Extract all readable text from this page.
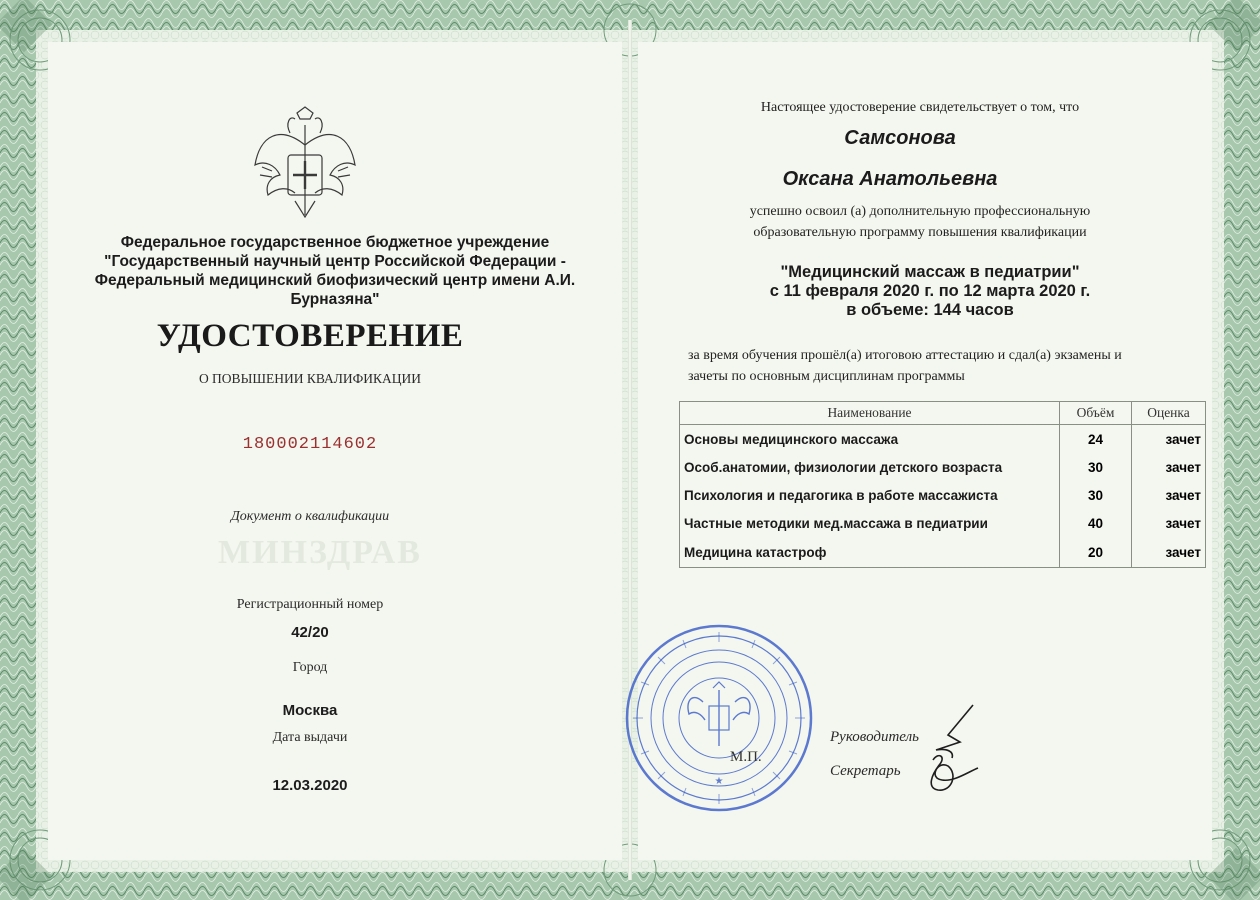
Федеральное государственное бюджетное учреждение "Государственный научный центр Российской Федерации - Федеральный медицинский биофизический центр имени А.И. Бурназяна"
УДОСТОВЕРЕНИЕ
О ПОВЫШЕНИИ КВАЛИФИКАЦИИ
180002114602
Документ о квалификации
МИНЗДРАВ
Регистрационный номер
42/20
Город
Москва
Дата выдачи
12.03.2020
Настоящее удостоверение свидетельствует о том, что
Самсонова
Оксана Анатольевна
успешно освоил (а) дополнительную профессиональную
образовательную программу повышения квалификации
"Медицинский массаж в педиатрии"
с 11 февраля 2020 г. по 12 марта 2020 г.
в объеме: 144 часов
за время обучения прошёл(а) итоговою аттестацию и сдал(а) экзамены и
зачеты по основным дисциплинам программы
Наименование	Объём	Оценка
Основы медицинского массажа	24	зачет
Особ.анатомии, физиологии детского возраста	30	зачет
Психология и педагогика в работе массажиста	30	зачет
Частные методики мед.массажа в педиатрии	40	зачет
Медицина катастроф	20	зачет
★
М.П.
Руководитель
Секретарь
